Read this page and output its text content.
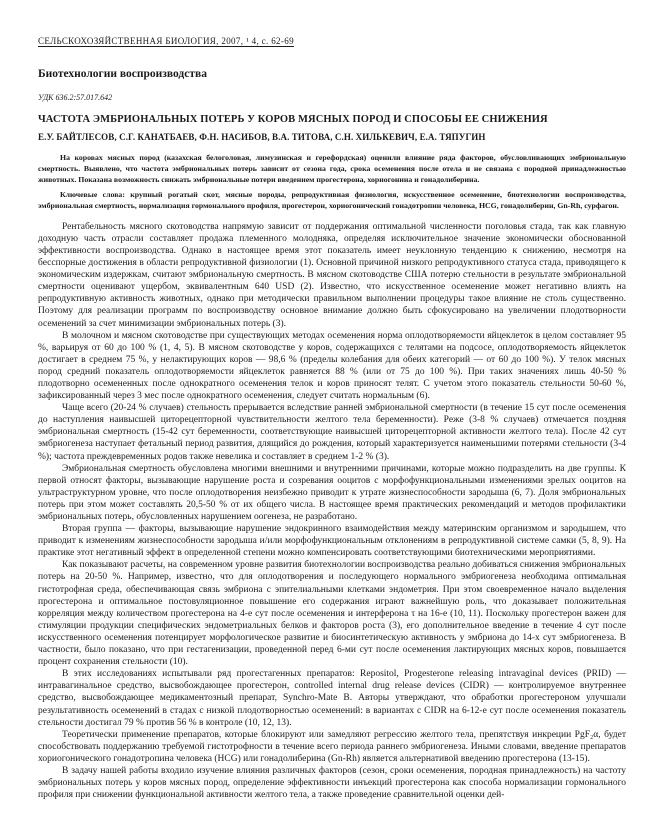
СЕЛЬСКОХОЗЯЙСТВЕННАЯ БИОЛОГИЯ, 2007, ¹ 4, с. 62-69
Биотехнологии воспроизводства
УДК 636.2:57.017.642
ЧАСТОТА ЭМБРИОНАЛЬНЫХ ПОТЕРЬ У КОРОВ МЯСНЫХ ПОРОД И СПОСОБЫ ЕЕ СНИЖЕНИЯ
Е.У. БАЙТЛЕСОВ, С.Г. КАНАТБАЕВ, Ф.Н. НАСИБОВ, В.А. ТИТОВА, С.Н. ХИЛЬКЕВИЧ, Е.А. ТЯПУГИН

На коровах мясных пород (казахская белоголовая, лимузинская и герефордская) оценили влияние ряда факторов, обусловливающих эмбриональную смертность. Выявлено, что частота эмбриональных потерь зависит от сезона года, срока осеменения после отела и не связана с породной принадлежностью животных. Показана возможность снижать эмбриональные потери введением прогестерона, хориогонина и гонадолиберина.

Ключевые слова: крупный рогатый скот, мясные породы, репродуктивная физиология, искусственное осеменение, биотехнологии воспроизводства, эмбриональная смертность, нормализация гормонального профиля, прогестерон, хориогонический гонадотропин человека, HCG, гонадолиберин, Gn-Rh, сурфагон.

Рентабельность мясного скотоводства напрямую зависит от поддержания оптимальной численности поголовья стада, так как главную доходную часть отрасли составляет продажа племенного молодняка, определяя исключительное значение экономически обоснованной эффективности воспроизводства. Однако в настоящее время этот показатель имеет неуклонную тенденцию к снижению, несмотря на бесспорные достижения в области репродуктивной физиологии (1). Основной причиной низкого репродуктивного статуса стада, приводящего к экономическим издержкам, считают эмбриональную смертность. В мясном скотоводстве США потерю стельности в результате эмбриональной смертности оценивают ущербом, эквивалентным 640 USD (2). Известно, что искусственное осеменение может негативно влиять на репродуктивную активность животных, однако при методически правильном выполнении процедуры такое влияние не столь существенно. Поэтому для реализации программ по воспроизводству основное внимание должно быть сфокусировано на увеличении плодотворности осеменений за счет минимизации эмбриональных потерь (3).

В молочном и мясном скотоводстве при существующих методах осеменения норма оплодотворяемости яйцеклеток в целом составляет 95 %, варьируя от 60 до 100 % (1, 4, 5). В мясном скотоводстве у коров, содержащихся с телятами на подсосе, оплодотворяемость яйцеклеток достигает в среднем 75 %, у нелактирующих коров — 98,6 % (пределы колебания для обеих категорий — от 60 до 100 %). У телок мясных пород средний показатель оплодотворяемости яйцеклеток равняется 88 % (или от 75 до 100 %). При таких значениях лишь 40-50 % плодотворно осемененных после однократного осеменения телок и коров приносят телят. С учетом этого показатель стельности 50-60 %, зафиксированный через 3 мес после однократного осеменения, следует считать нормальным (6).

Чаще всего (20-24 % случаев) стельность прерывается вследствие ранней эмбриональной смертности (в течение 15 сут после осеменения до наступления наивысшей циторецепторной чувствительности желтого тела беременности). Реже (3-8 % случаев) отмечается поздняя эмбриональная смертность (15-42 сут беременности, соответствующие наивысшей циторецепторной активности желтого тела). После 42 сут эмбриогенеза наступает фетальный период развития, длящийся до рождения, который характеризуется наименьшими потерями стельности (3-4 %); частота преждевременных родов также невелика и составляет в среднем 1-2 % (3).

Эмбриональная смертность обусловлена многими внешними и внутренними причинами, которые можно подразделить на две группы. К первой относят факторы, вызывающие нарушение роста и созревания ооцитов с морфофункциональными изменениями зрелых ооцитов на ультраструктурном уровне, что после оплодотворения неизбежно приводит к утрате жизнеспособности зародыша (6, 7). Доля эмбриональных потерь при этом может составлять 20,5-50 % от их общего числа. В настоящее время практических рекомендаций и методов профилактики эмбриональных потерь, обусловленных нарушением оогенеза, не разработано.

Вторая группа — факторы, вызывающие нарушение эндокринного взаимодействия между материнским организмом и зародышем, что приводит к изменениям жизнеспособности зародыша и/или морфофункциональным отклонениям в репродуктивной системе самки (5, 8, 9). На практике этот негативный эффект в определенной степени можно компенсировать соответствующими биотехническими мероприятиями.

Как показывают расчеты, на современном уровне развития биотехнологии воспроизводства реально добиваться снижения эмбриональных потерь на 20-50 %. Например, известно, что для оплодотворения и последующего нормального эмбриогенеза необходима оптимальная гистотрофная среда, обеспечивающая связь эмбриона с эпителиальными клетками эндометрия. При этом своевременное начало выделения прогестерона и оптимальное постовуляционное повышение его содержания играют важнейшую роль, что доказывает положительная корреляция между количеством прогестерона на 4-е сут после осеменения и интерферона τ на 16-е (10, 11). Поскольку прогестерон важен для стимуляции продукции специфических эндометриальных белков и факторов роста (3), его дополнительное введение в течение 4 сут после искусственного осеменения потенцирует морфологическое развитие и биосинтетическую активность у эмбриона до 14-х сут эмбриогенеза. В частности, было показано, что при гестагенизации, проведенной перед 6-ми сут после осеменения лактирующих мясных коров, повышается процент сохранения стельности (10).

В этих исследованиях испытывали ряд прогестагенных препаратов: Repositol, Progesterone releasing intravaginal devices (PRID) — интравагинальное средство, высвобождающее прогестерон, controlled internal drug release devices (CIDR) — контролируемое внутреннее средство, высвобождающее медикаментозный препарат, Synchro-Mate B. Авторы утверждают, что обработки прогестероном улучшали результативность осеменений в стадах с низкой плодотворностью осеменений: в вариантах с CIDR на 6-12-е сут после осеменения показатель стельности достигал 79 % против 56 % в контроле (10, 12, 13).

Теоретически применение препаратов, которые блокируют или замедляют регрессию желтого тела, препятствуя инкреции PgF₂α, будет способствовать поддержанию требуемой гистотрофности в течение всего периода раннего эмбриогенеза. Иными словами, введение препаратов хориогонического гонадотропина человека (HCG) или гонадолиберина (Gn-Rh) является альтернативой введению прогестерона (13-15).

В задачу нашей работы входило изучение влияния различных факторов (сезон, сроки осеменения, породная принадлежность) на частоту эмбриональных потерь у коров мясных пород, определение эффективности инъекций прогестерона как способа нормализации гормонального профиля при снижении функциональной активности желтого тела, а также проведение сравнительной оценки дей-
